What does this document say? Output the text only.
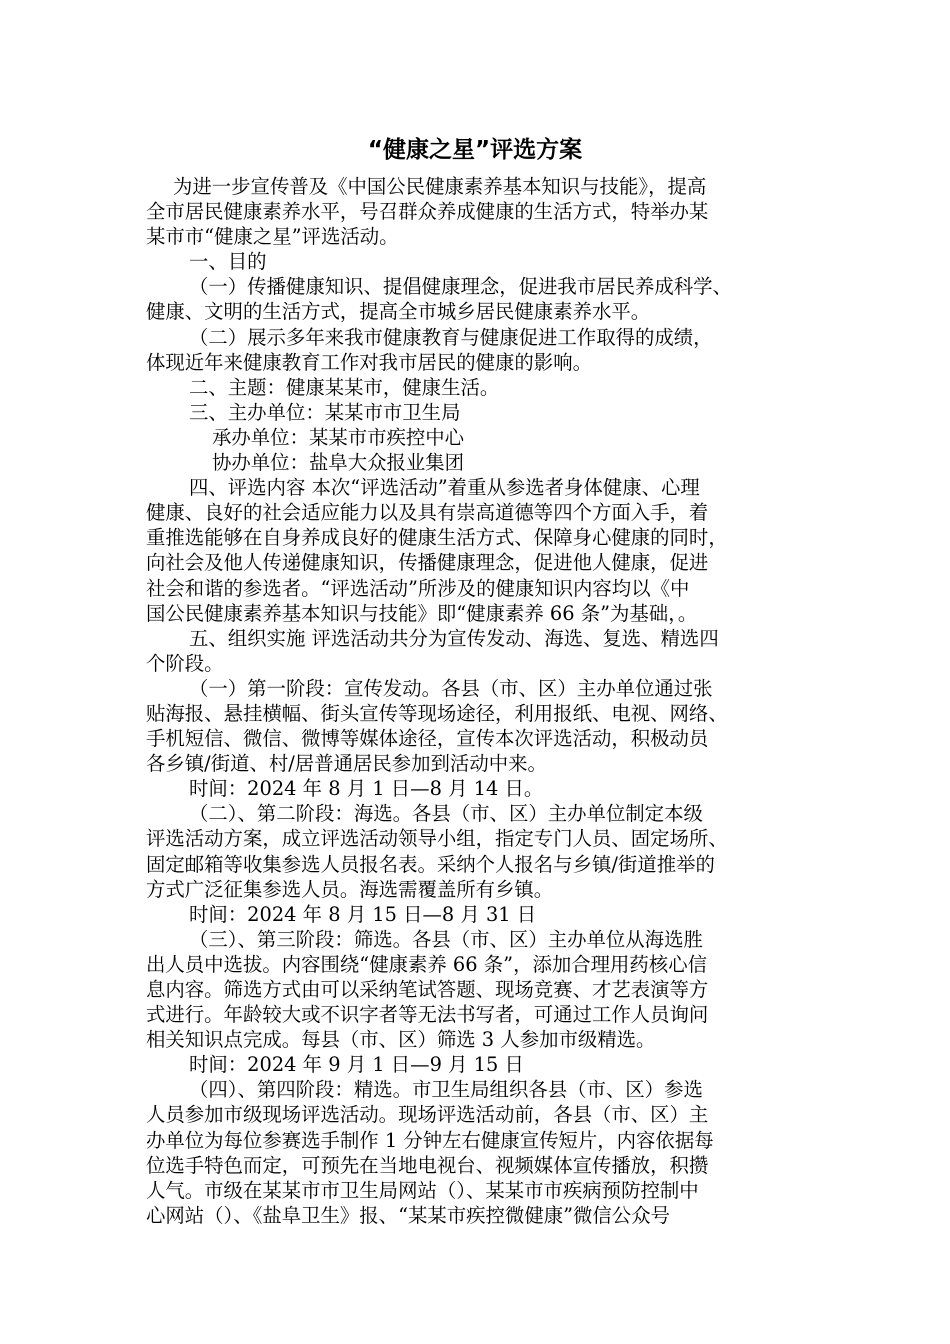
“健康之星”评选方案
为进一步宣传普及《中国公民健康素养基本知识与技能》，提高
全市居民健康素养水平，号召群众养成健康的生活方式，特举办某
某市市“健康之星”评选活动。
一、目的
（一）传播健康知识、提倡健康理念，促进我市居民养成科学、
健康、文明的生活方式，提高全市城乡居民健康素养水平。
（二）展示多年来我市健康教育与健康促进工作取得的成绩，
体现近年来健康教育工作对我市居民的健康的影响。
二、主题：健康某某市，健康生活。
三、主办单位：某某市市卫生局
承办单位：某某市市疾控中心
协办单位：盐阜大众报业集团
四、评选内容 本次“评选活动”着重从参选者身体健康、心理
健康、良好的社会适应能力以及具有崇高道德等四个方面入手，着
重推选能够在自身养成良好的健康生活方式、保障身心健康的同时，
向社会及他人传递健康知识，传播健康理念，促进他人健康，促进
社会和谐的参选者。“评选活动”所涉及的健康知识内容均以《中
国公民健康素养基本知识与技能》即“健康素养 66 条”为基础，。
五、组织实施 评选活动共分为宣传发动、海选、复选、精选四
个阶段。
（一）第一阶段：宣传发动。各县（市、区）主办单位通过张
贴海报、悬挂横幅、街头宣传等现场途径，利用报纸、电视、网络、
手机短信、微信、微博等媒体途径，宣传本次评选活动，积极动员
各乡镇/街道、村/居普通居民参加到活动中来。
时间：2024 年 8 月 1 日—8 月 14 日。
（二）、第二阶段：海选。各县（市、区）主办单位制定本级
评选活动方案，成立评选活动领导小组，指定专门人员、固定场所、
固定邮箱等收集参选人员报名表。采纳个人报名与乡镇/街道推举的
方式广泛征集参选人员。海选需覆盖所有乡镇。
时间：2024 年 8 月 15 日—8 月 31 日
（三）、第三阶段：筛选。各县（市、区）主办单位从海选胜
出人员中选拔。内容围绕“健康素养 66 条”，添加合理用药核心信
息内容。筛选方式由可以采纳笔试答题、现场竞赛、才艺表演等方
式进行。年龄较大或不识字者等无法书写者，可通过工作人员询问
相关知识点完成。每县（市、区）筛选 3 人参加市级精选。
时间：2024 年 9 月 1 日—9 月 15 日
（四）、第四阶段：精选。市卫生局组织各县（市、区）参选
人员参加市级现场评选活动。现场评选活动前，各县（市、区）主
办单位为每位参赛选手制作 1 分钟左右健康宣传短片，内容依据每
位选手特色而定，可预先在当地电视台、视频媒体宣传播放，积攒
人气。市级在某某市市卫生局网站（）、某某市市疾病预防控制中
心网站（）、《盐阜卫生》报、“某某市疾控微健康”微信公众号
